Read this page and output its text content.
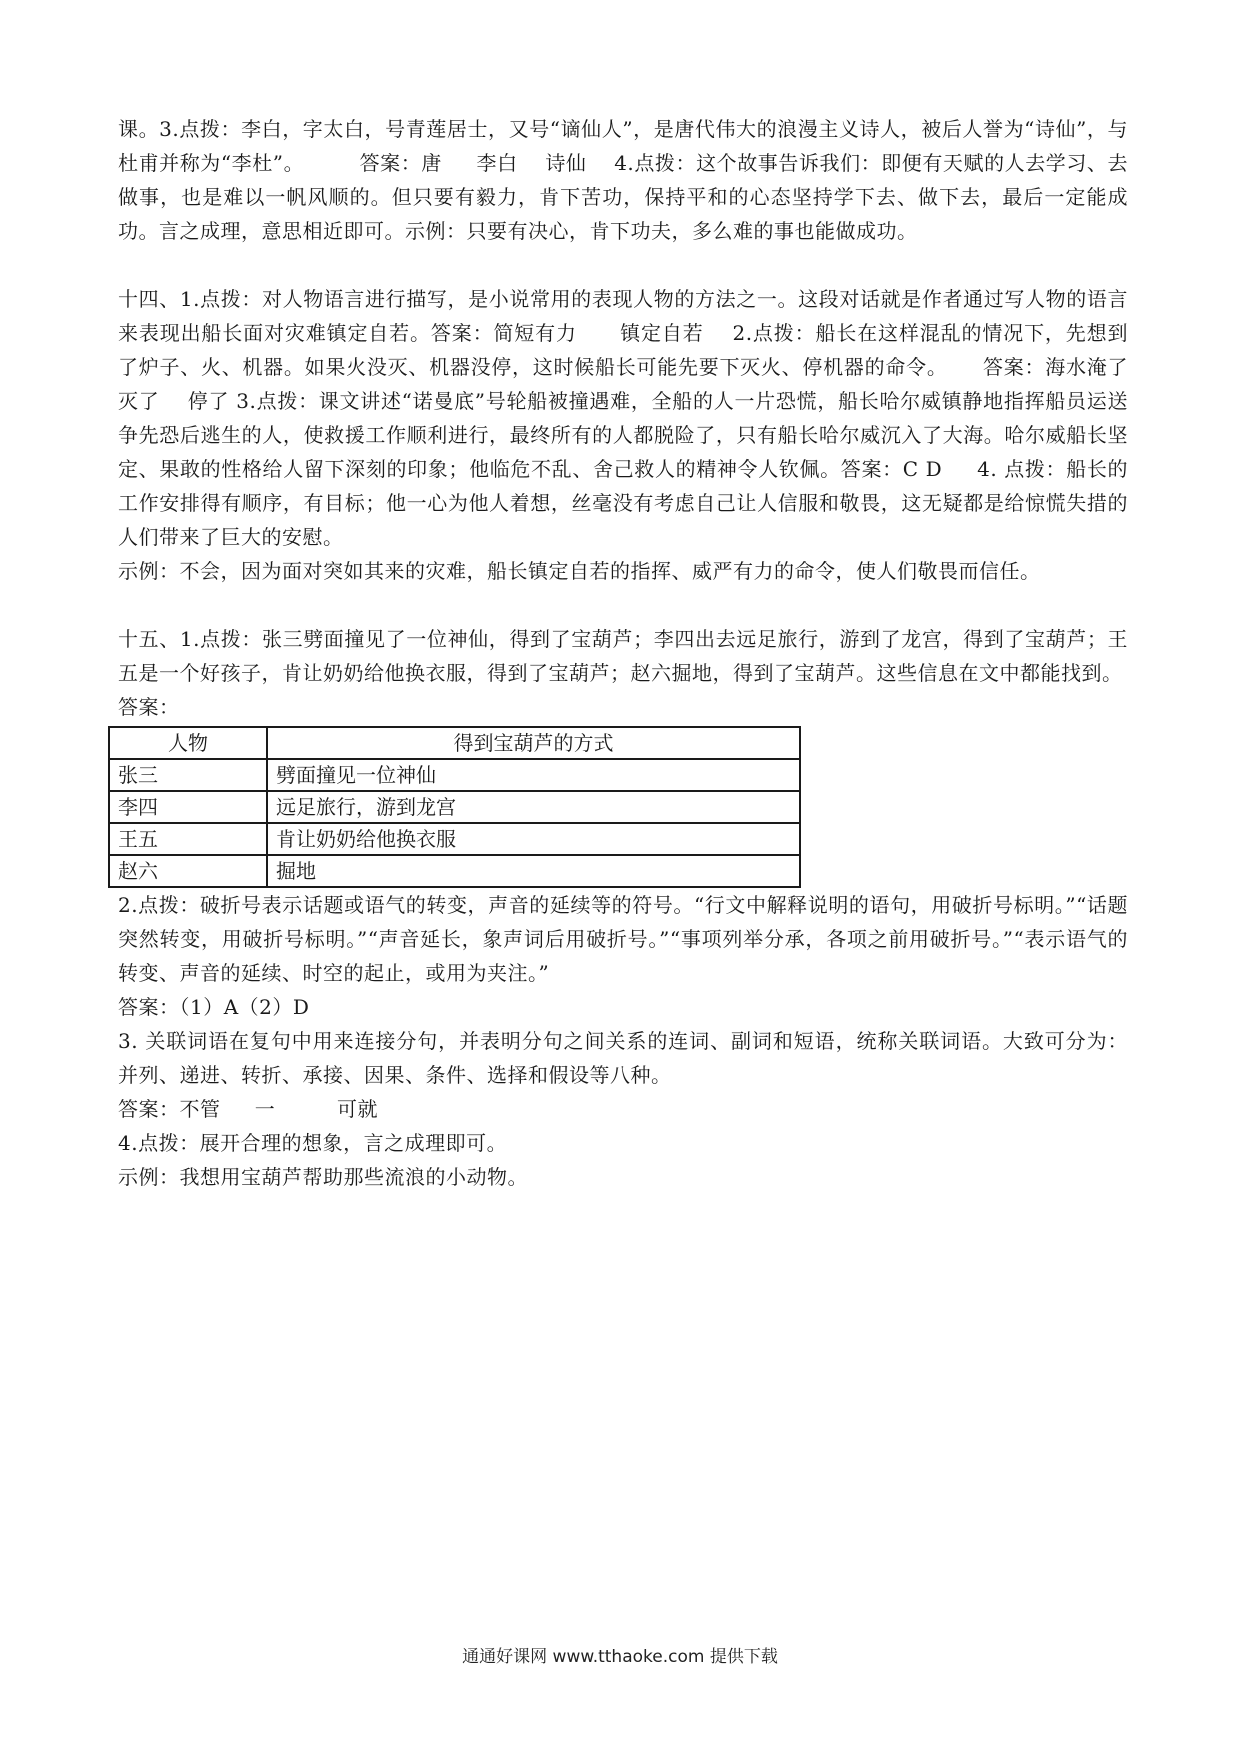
课。3.点拨：李白，字太白，号青莲居士，又号“谪仙人”，是唐代伟大的浪漫主义诗人，被后人誉为“诗仙”，与杜甫并称为“李杜”。        答案：唐     李白    诗仙    4.点拨：这个故事告诉我们：即便有天赋的人去学习、去做事，也是难以一帆风顺的。但只要有毅力，肯下苦功，保持平和的心态坚持学下去、做下去，最后一定能成功。言之成理，意思相近即可。示例：只要有决心，肯下功夫，多么难的事也能做成功。

十四、1.点拨：对人物语言进行描写，是小说常用的表现人物的方法之一。这段对话就是作者通过写人物的语言来表现出船长面对灾难镇定自若。答案：简短有力      镇定自若    2.点拨：船长在这样混乱的情况下，先想到了炉子、火、机器。如果火没灭、机器没停，这时候船长可能先要下灭火、停机器的命令。     答案：海水淹了    灭了    停了 3.点拨：课文讲述“诺曼底”号轮船被撞遇难，全船的人一片恐慌，船长哈尔威镇静地指挥船员运送争先恐后逃生的人，使救援工作顺利进行，最终所有的人都脱险了，只有船长哈尔威沉入了大海。哈尔威船长坚定、果敢的性格给人留下深刻的印象；他临危不乱、舍己救人的精神令人钦佩。答案：C D     4. 点拨：船长的工作安排得有顺序，有目标；他一心为他人着想，丝毫没有考虑自己让人信服和敬畏，这无疑都是给惊慌失措的人们带来了巨大的安慰。

示例：不会，因为面对突如其来的灾难，船长镇定自若的指挥、威严有力的命令，使人们敬畏而信任。

十五、1.点拨：张三劈面撞见了一位神仙，得到了宝葫芦；李四出去远足旅行，游到了龙宫，得到了宝葫芦；王五是一个好孩子，肯让奶奶给他换衣服，得到了宝葫芦；赵六掘地，得到了宝葫芦。这些信息在文中都能找到。

答案：

人物	得到宝葫芦的方式
张三	劈面撞见一位神仙
李四	远足旅行，游到龙宫
王五	肯让奶奶给他换衣服
赵六	掘地

2.点拨：破折号表示话题或语气的转变，声音的延续等的符号。“行文中解释说明的语句，用破折号标明。”“话题突然转变，用破折号标明。”“声音延长，象声词后用破折号。”“事项列举分承，各项之前用破折号。”“表示语气的转变、声音的延续、时空的起止，或用为夹注。”

答案：（1）A（2）D

3. 关联词语在复句中用来连接分句，并表明分句之间关系的连词、副词和短语，统称关联词语。大致可分为：并列、递进、转折、承接、因果、条件、选择和假设等八种。

答案：不管     一         可就

4.点拨：展开合理的想象，言之成理即可。

示例：我想用宝葫芦帮助那些流浪的小动物。

通通好课网 www.tthaoke.com 提供下载
